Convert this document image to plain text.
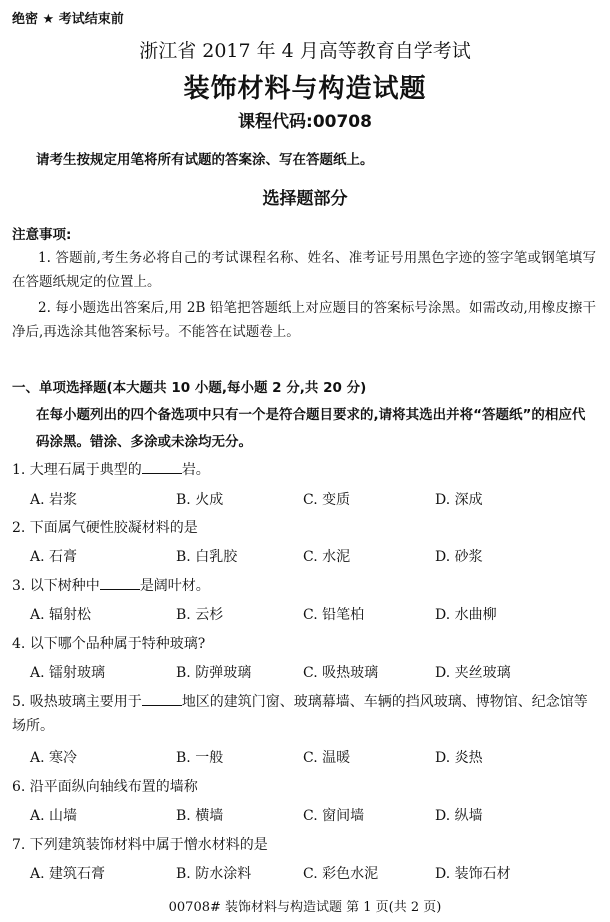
绝密 ★ 考试结束前
浙江省 2017 年 4 月高等教育自学考试
装饰材料与构造试题
课程代码:00708
请考生按规定用笔将所有试题的答案涂、写在答题纸上。
选择题部分
注意事项:
1. 答题前,考生务必将自己的考试课程名称、姓名、准考证号用黑色字迹的签字笔或钢笔填写在答题纸规定的位置上。
2. 每小题选出答案后,用 2B 铅笔把答题纸上对应题目的答案标号涂黑。如需改动,用橡皮擦干净后,再选涂其他答案标号。不能答在试题卷上。
一、单项选择题(本大题共 10 小题,每小题 2 分,共 20 分)
在每小题列出的四个备选项中只有一个是符合题目要求的,请将其选出并将“答题纸”的相应代码涂黑。错涂、多涂或未涂均无分。
1. 大理石属于典型的	岩。
A. 岩浆	B. 火成	C. 变质	D. 深成
2. 下面属气硬性胶凝材料的是
A. 石膏	B. 白乳胶	C. 水泥	D. 砂浆
3. 以下树种中	是阔叶材。
A. 辐射松	B. 云杉	C. 铅笔柏	D. 水曲柳
4. 以下哪个品种属于特种玻璃?
A. 镭射玻璃	B. 防弹玻璃	C. 吸热玻璃	D. 夹丝玻璃
5. 吸热玻璃主要用于	地区的建筑门窗、玻璃幕墙、车辆的挡风玻璃、博物馆、纪念馆等场所。
A. 寒冷	B. 一般	C. 温暖	D. 炎热
6. 沿平面纵向轴线布置的墙称
A. 山墙	B. 横墙	C. 窗间墙	D. 纵墙
7. 下列建筑装饰材料中属于憎水材料的是
A. 建筑石膏	B. 防水涂料	C. 彩色水泥	D. 装饰石材
00708# 装饰材料与构造试题 第 1 页(共 2 页)
